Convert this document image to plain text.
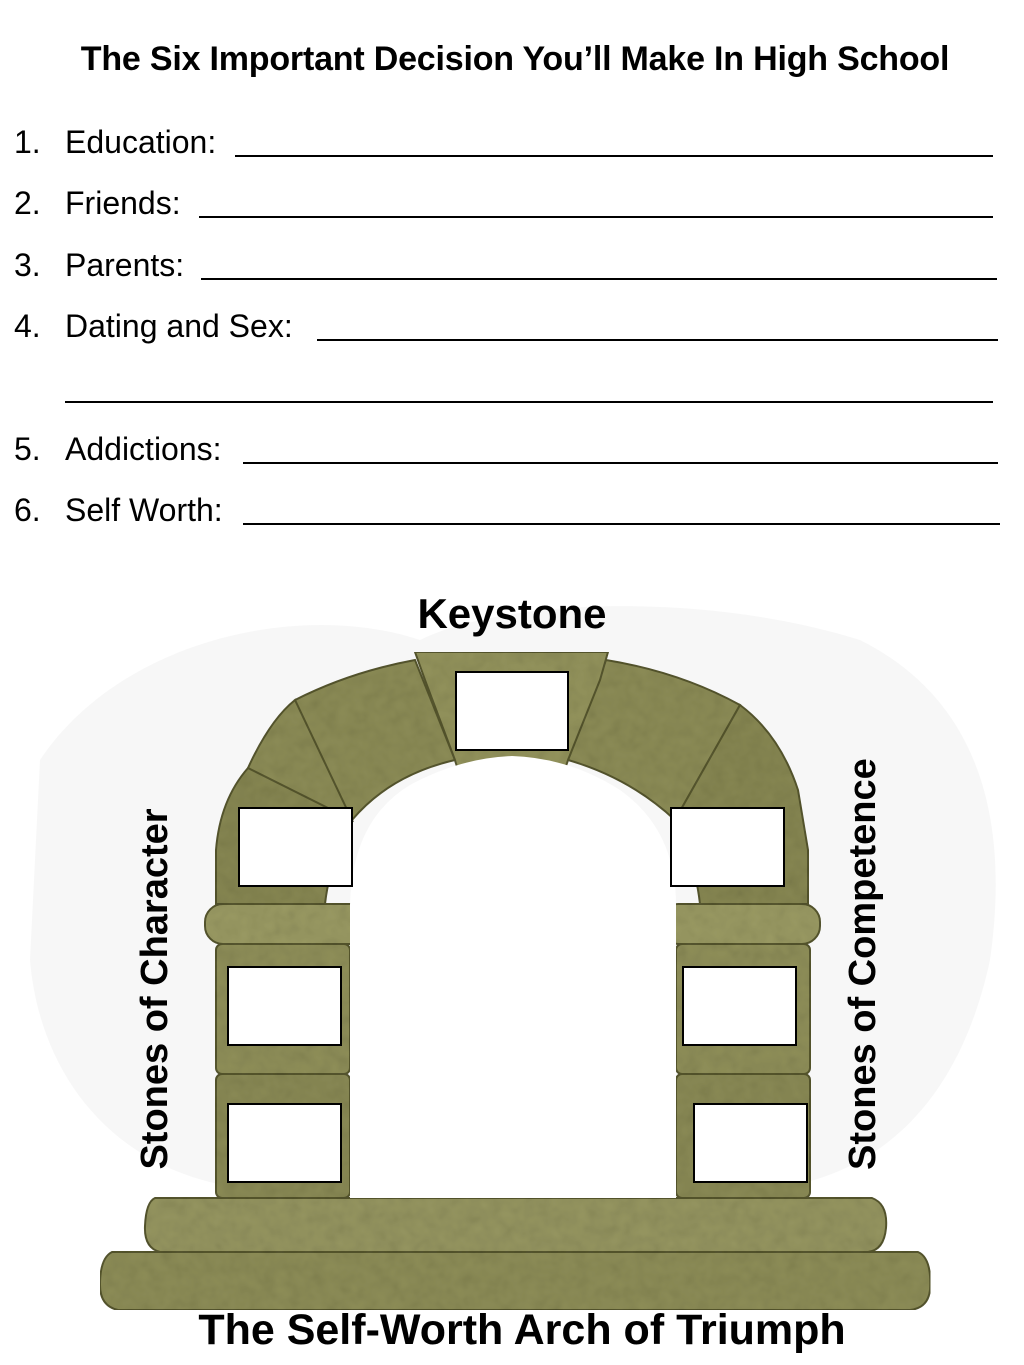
The Six Important Decision You’ll Make In High School
1. Education:
2. Friends:
3. Parents:
4. Dating and Sex:
5. Addictions:
6. Self Worth:
Keystone
Stones of Character	Stones of Competence
The Self-Worth Arch of Triumph
